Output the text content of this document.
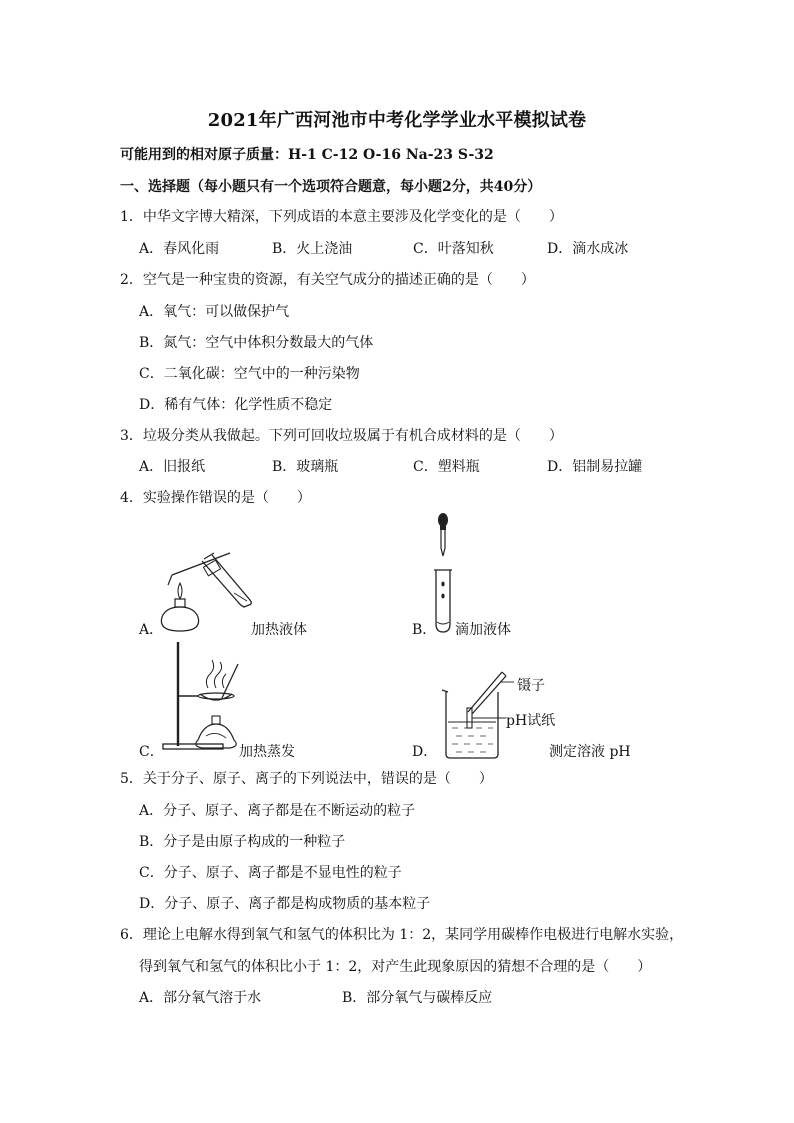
2021年广西河池市中考化学学业水平模拟试卷
可能用到的相对原子质量：H-1 C-12 O-16 Na-23 S-32
一、选择题（每小题只有一个选项符合题意，每小题2分，共40分）
1．中华文字博大精深，下列成语的本意主要涉及化学变化的是（　　）
A．春风化雨	B．火上浇油	C．叶落知秋	D．滴水成冰
2．空气是一种宝贵的资源，有关空气成分的描述正确的是（　　）
A．氧气：可以做保护气
B．氮气：空气中体积分数最大的气体
C．二氧化碳：空气中的一种污染物
D．稀有气体：化学性质不稳定
3．垃圾分类从我做起。下列可回收垃圾属于有机合成材料的是（　　）
A．旧报纸	B．玻璃瓶	C．塑料瓶	D．铝制易拉罐
4．实验操作错误的是（　　）
A．	加热液体	B． 滴加液体
C．	加热蒸发
镊子
pH试纸
D．	测定溶液 pH
5．关于分子、原子、离子的下列说法中，错误的是（　　）
A．分子、原子、离子都是在不断运动的粒子
B．分子是由原子构成的一种粒子
C．分子、原子、离子都是不显电性的粒子
D．分子、原子、离子都是构成物质的基本粒子
6．理论上电解水得到氧气和氢气的体积比为 1：2，某同学用碳棒作电极进行电解水实验，
得到氧气和氢气的体积比小于 1：2，对产生此现象原因的猜想不合理的是（　　）
A．部分氧气溶于水	B．部分氧气与碳棒反应
